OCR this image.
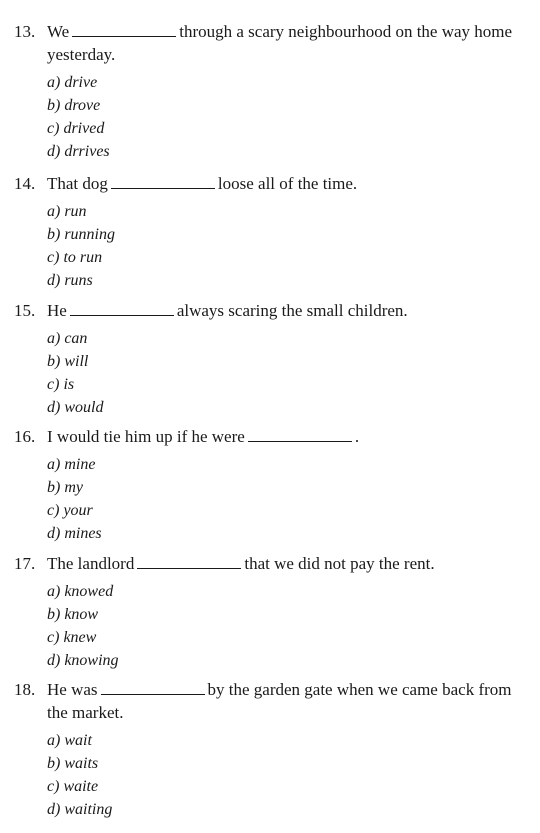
13. We	through a scary neighbourhood on the way home yesterday.
a) drive
b) drove
c) drived
d) drrives
14. That dog	loose all of the time.
a) run
b) running
c) to run
d) runs
15. He	always scaring the small children.
a) can
b) will
c) is
d) would
16. I would tie him up if he were	.
a) mine
b) my
c) your
d) mines
17. The landlord	that we did not pay the rent.
a) knowed
b) know
c) knew
d) knowing
18. He was	by the garden gate when we came back from the market.
a) wait
b) waits
c) waite
d) waiting
